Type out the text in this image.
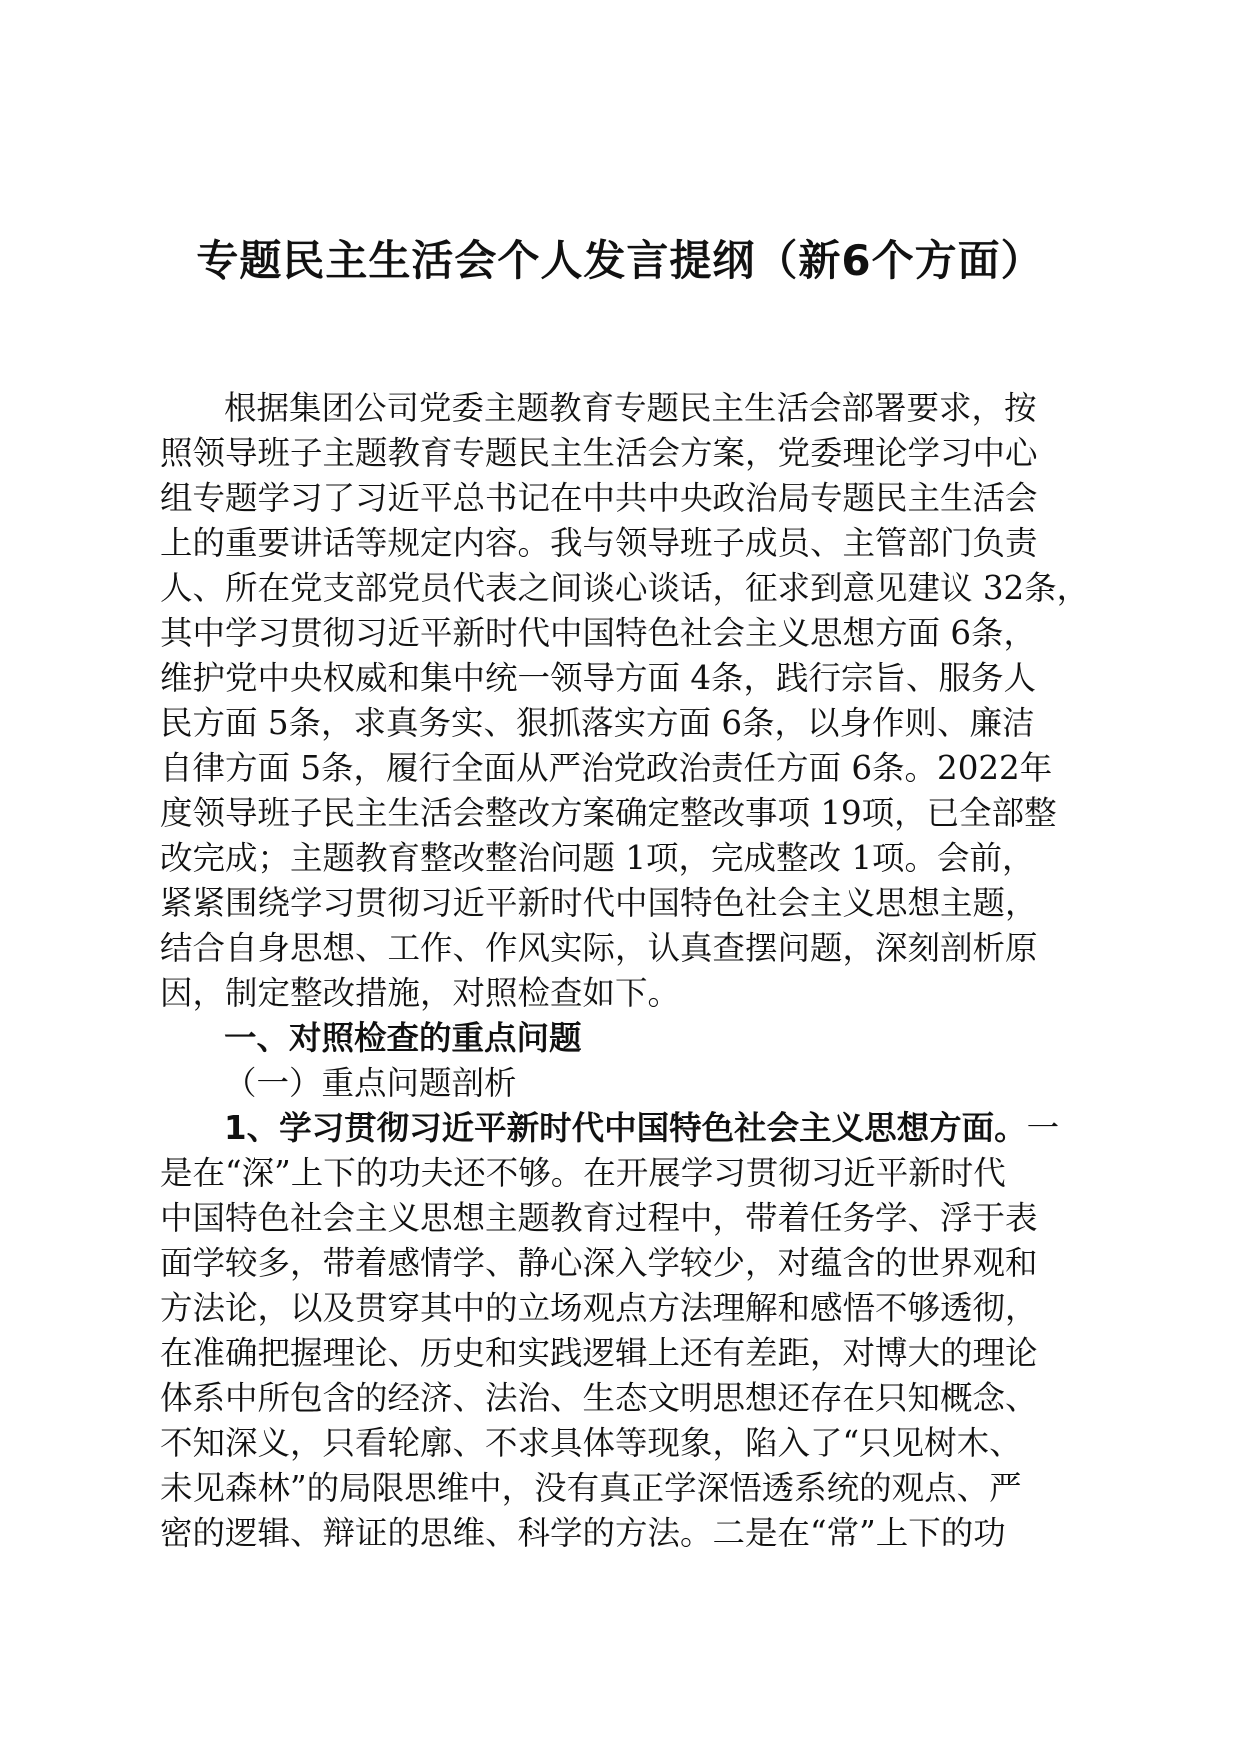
专题民主生活会个人发言提纲（新6个方面）
根据集团公司党委主题教育专题民主生活会部署要求，按
照领导班子主题教育专题民主生活会方案，党委理论学习中心
组专题学习了习近平总书记在中共中央政治局专题民主生活会
上的重要讲话等规定内容。我与领导班子成员、主管部门负责
人、所在党支部党员代表之间谈心谈话，征求到意见建议 32条，
其中学习贯彻习近平新时代中国特色社会主义思想方面 6条，
维护党中央权威和集中统一领导方面 4条，践行宗旨、服务人
民方面 5条，求真务实、狠抓落实方面 6条，以身作则、廉洁
自律方面 5条，履行全面从严治党政治责任方面 6条。2022年
度领导班子民主生活会整改方案确定整改事项 19项，已全部整
改完成；主题教育整改整治问题 1项，完成整改 1项。会前，
紧紧围绕学习贯彻习近平新时代中国特色社会主义思想主题，
结合自身思想、工作、作风实际，认真查摆问题，深刻剖析原
因，制定整改措施，对照检查如下。
一、对照检查的重点问题
（一）重点问题剖析
1、学习贯彻习近平新时代中国特色社会主义思想方面。一
是在“深”上下的功夫还不够。在开展学习贯彻习近平新时代
中国特色社会主义思想主题教育过程中，带着任务学、浮于表
面学较多，带着感情学、静心深入学较少，对蕴含的世界观和
方法论，以及贯穿其中的立场观点方法理解和感悟不够透彻，
在准确把握理论、历史和实践逻辑上还有差距，对博大的理论
体系中所包含的经济、法治、生态文明思想还存在只知概念、
不知深义，只看轮廓、不求具体等现象，陷入了“只见树木、
未见森林”的局限思维中，没有真正学深悟透系统的观点、严
密的逻辑、辩证的思维、科学的方法。二是在“常”上下的功
